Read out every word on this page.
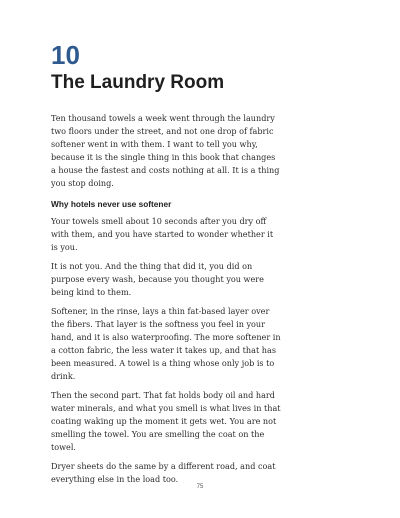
10
The Laundry Room

Ten thousand towels a week went through the laundry two floors under the street, and not one drop of fabric softener went in with them. I want to tell you why, because it is the single thing in this book that changes a house the fastest and costs nothing at all. It is a thing you stop doing.

Why hotels never use softener

Your towels smell about 10 seconds after you dry off with them, and you have started to wonder whether it is you.

It is not you. And the thing that did it, you did on purpose every wash, because you thought you were being kind to them.

Softener, in the rinse, lays a thin fat-based layer over the fibers. That layer is the softness you feel in your hand, and it is also waterproofing. The more softener in a cotton fabric, the less water it takes up, and that has been measured. A towel is a thing whose only job is to drink.

Then the second part. That fat holds body oil and hard water minerals, and what you smell is what lives in that coating waking up the moment it gets wet. You are not smelling the towel. You are smelling the coat on the towel.

Dryer sheets do the same by a different road, and coat everything else in the load too.

75
